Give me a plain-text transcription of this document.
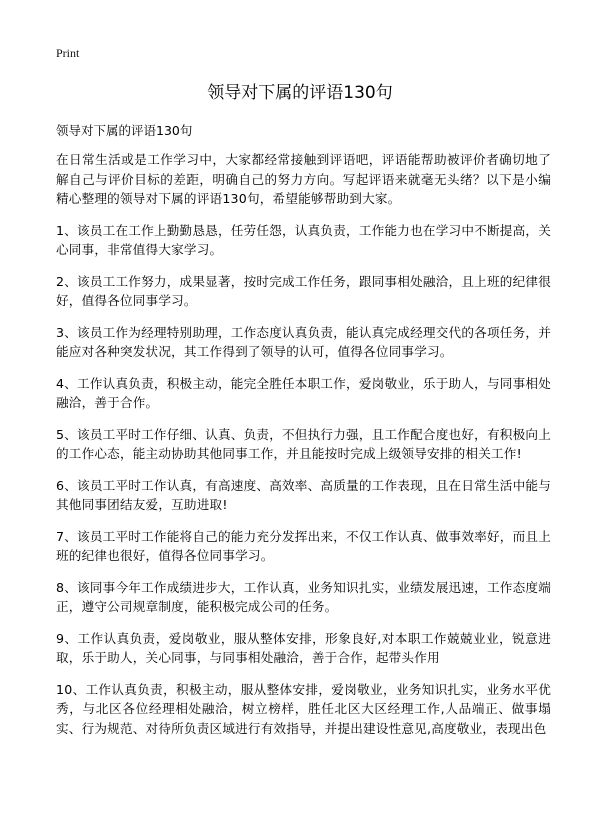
Print
领导对下属的评语130句
领导对下属的评语130句

在日常生活或是工作学习中，大家都经常接触到评语吧，评语能帮助被评价者确切地了解自己与评价目标的差距，明确自己的努力方向。写起评语来就毫无头绪？以下是小编精心整理的领导对下属的评语130句，希望能够帮助到大家。

1、该员工在工作上勤勤恳恳，任劳任怨，认真负责，工作能力也在学习中不断提高，关心同事，非常值得大家学习。

2、该员工工作努力，成果显著，按时完成工作任务，跟同事相处融洽，且上班的纪律很好，值得各位同事学习。

3、该员工作为经理特别助理，工作态度认真负责，能认真完成经理交代的各项任务，并能应对各种突发状况，其工作得到了领导的认可，值得各位同事学习。

4、工作认真负责，积极主动，能完全胜任本职工作，爱岗敬业，乐于助人，与同事相处融洽，善于合作。

5、该员工平时工作仔细、认真、负责，不但执行力强，且工作配合度也好，有积极向上的工作心态，能主动协助其他同事工作，并且能按时完成上级领导安排的相关工作!

6、该员工平时工作认真，有高速度、高效率、高质量的工作表现，且在日常生活中能与其他同事团结友爱，互助进取!

7、该员工平时工作能将自己的能力充分发挥出来，不仅工作认真、做事效率好，而且上班的纪律也很好，值得各位同事学习。

8、该同事今年工作成绩进步大，工作认真，业务知识扎实，业绩发展迅速，工作态度端正，遵守公司规章制度，能积极完成公司的任务。

9、工作认真负责，爱岗敬业，服从整体安排，形象良好,对本职工作兢兢业业，锐意进取，乐于助人，关心同事，与同事相处融洽，善于合作，起带头作用

10、工作认真负责，积极主动，服从整体安排，爱岗敬业，业务知识扎实，业务水平优秀，与北区各位经理相处融洽，树立榜样，胜任北区大区经理工作,人品端正、做事塌实、行为规范、对待所负责区域进行有效指导，并提出建设性意见,高度敬业，表现出色
